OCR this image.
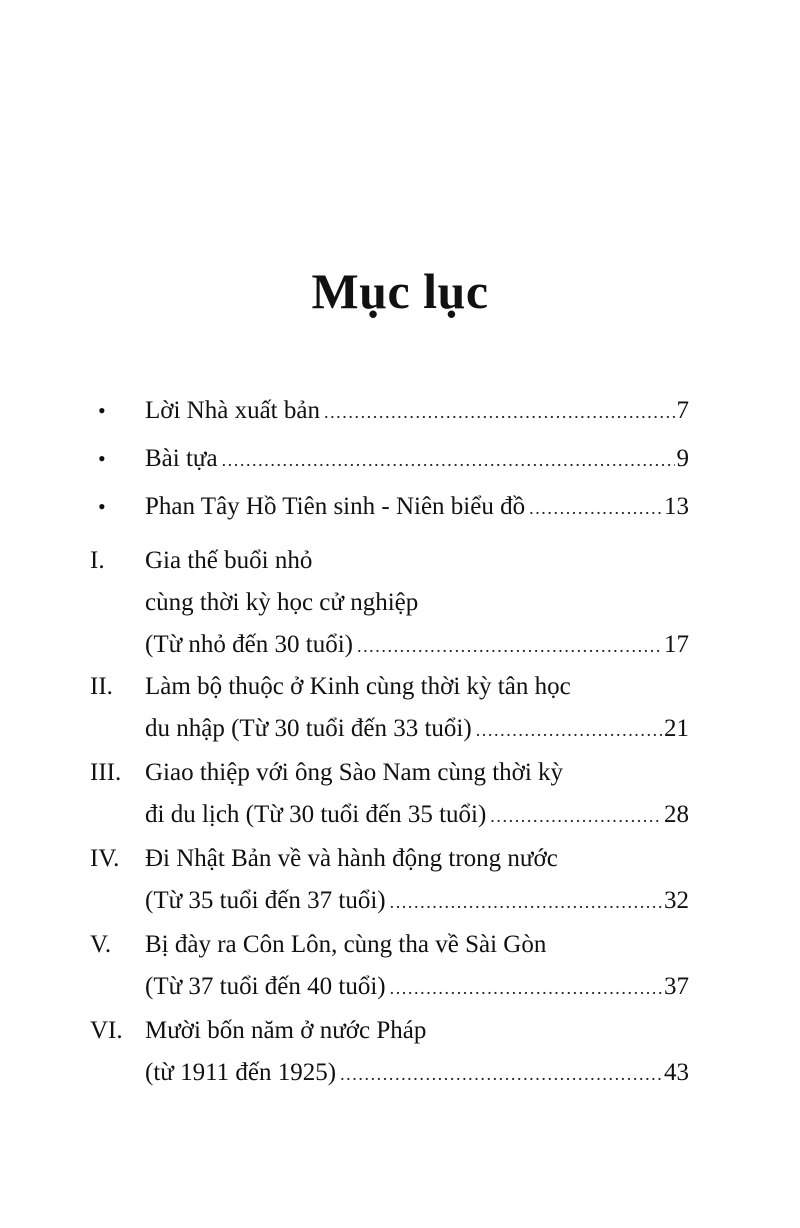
Mục lục
• Lời Nhà xuất bản .....	7
• Bài tựa .....	9
• Phan Tây Hồ Tiên sinh - Niên biểu đồ .....	13
I. Gia thế buổi nhỏ
cùng thời kỳ học cử nghiệp
(Từ nhỏ đến 30 tuổi) .....	17
II. Làm bộ thuộc ở Kinh cùng thời kỳ tân học
du nhập (Từ 30 tuổi đến 33 tuổi) .....	21
III. Giao thiệp với ông Sào Nam cùng thời kỳ
đi du lịch (Từ 30 tuổi đến 35 tuổi) .....	28
IV. Đi Nhật Bản về và hành động trong nước
(Từ 35 tuổi đến 37 tuổi) .....	32
V. Bị đày ra Côn Lôn, cùng tha về Sài Gòn
(Từ 37 tuổi đến 40 tuổi) .....	37
VI. Mười bốn năm ở nước Pháp
(từ 1911 đến 1925) .....	43
